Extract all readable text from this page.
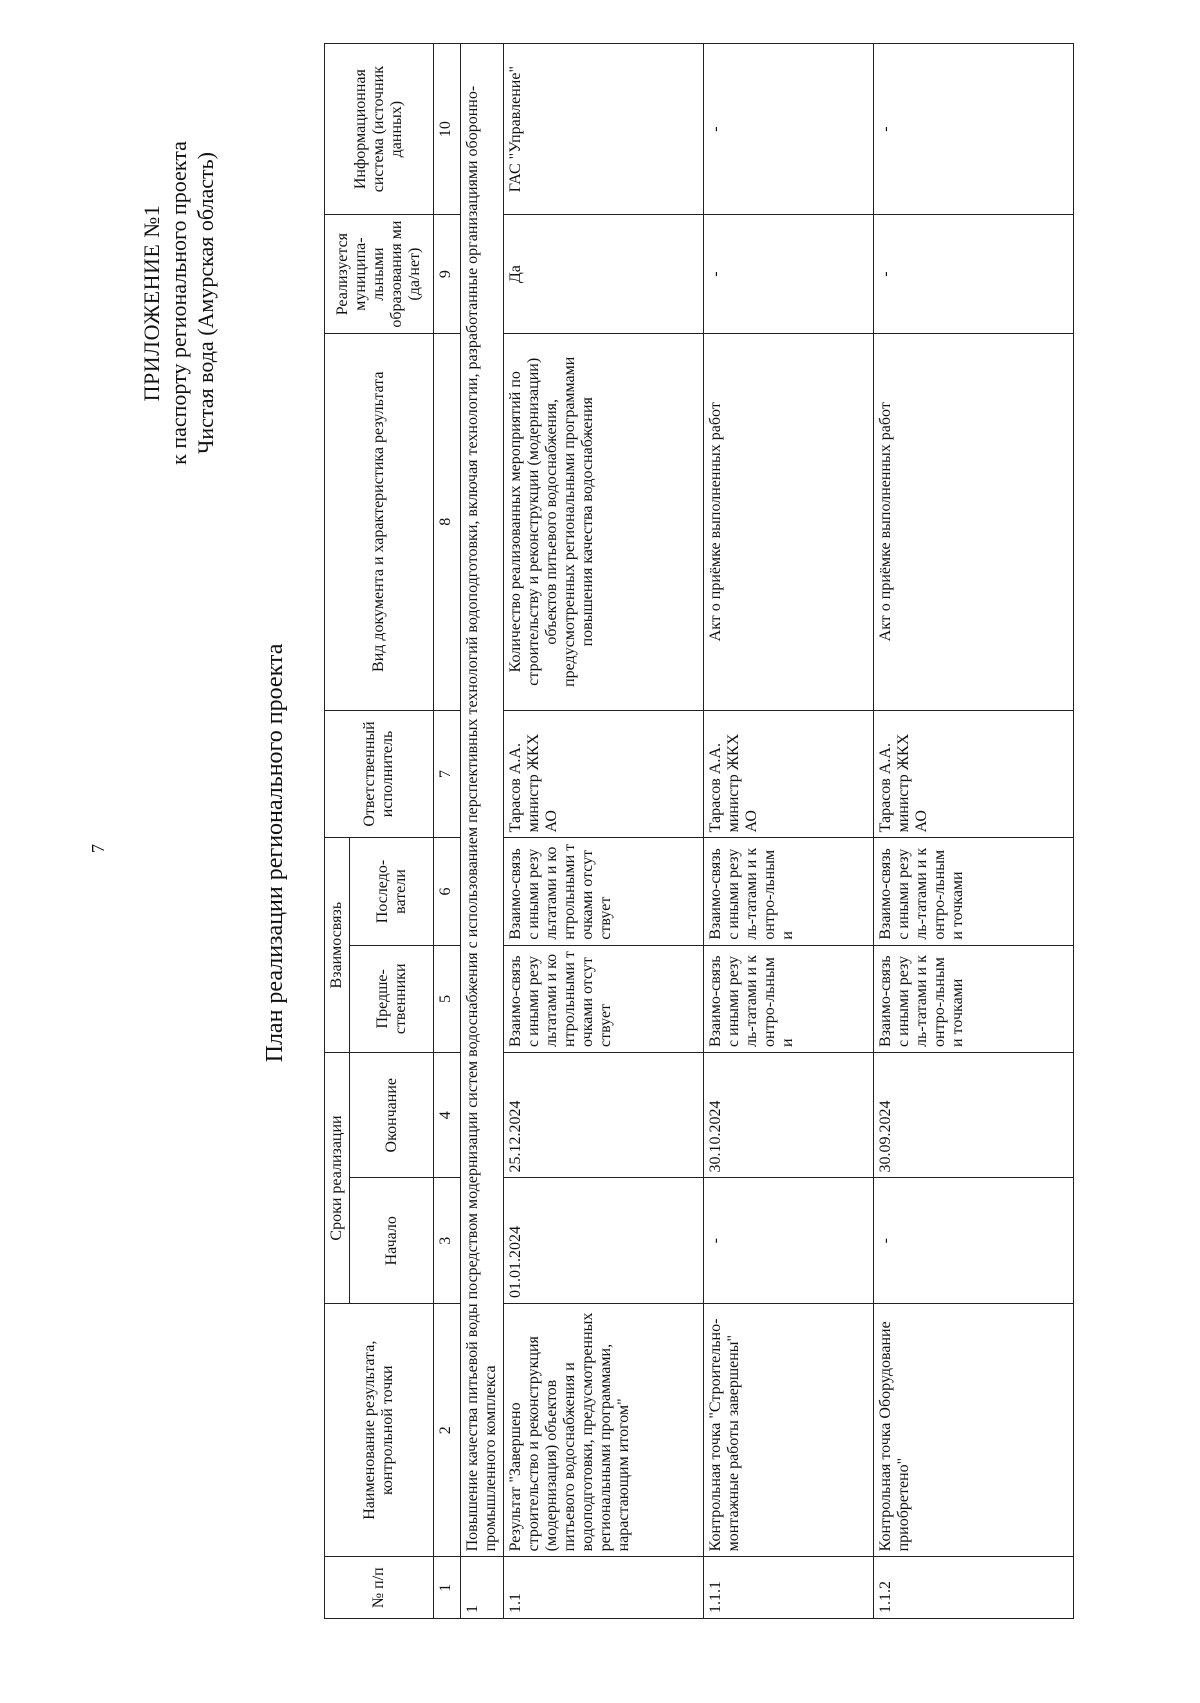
7
ПРИЛОЖЕНИЕ №1 к паспорту регионального проекта Чистая вода (Амурская область)
План реализации регионального проекта
№ п/п	Наименование результата, контрольной точки	Сроки реализации		Взаимосвязь		Ответственный исполнитель	Вид документа и характеристика результата	Реализуется муниципа-льными образования ми (да/нет)	Информационная система (источник данных)
		Начало	Окончание	Предше-ственники	Последо-ватели				
1	2	3	4	5	6	7	8	9	10
1	Повышение качества питьевой воды посредством модернизации систем водоснабжения с использованием перспективных технологий водоподготовки, включая технологии, разработанные организациями оборонно-промышленного комплекса								
1.1	Результат "Завершено строительство и реконструкция (модернизация) объектов питьевого водоснабжения и водоподготовки, предусмотренных региональными программами, нарастающим итогом"	01.01.2024	25.12.2024	Взаимо-связь с иными результатами и контрольными точками отсутствует	Взаимо-связь с иными результатами и контрольными точками отсутствует	Тарасов А.А. министр ЖКХ АО	Количество реализованных мероприятий по строительству и реконструкции (модернизации) объектов питьевого водоснабжения, предусмотренных региональными программами повышения качества водоснабжения	Да	ГАС "Управление"
1.1.1	Контрольная точка "Строительно-монтажные работы завершены"	-	30.10.2024	Взаимо-связь с иными резуль-татами и контро-льными	Взаимо-связь с иными резуль-татами и контро-льными	Тарасов А.А. министр ЖКХ АО	Акт о приёмке выполненных работ	-	-
1.1.2	Контрольная точка Оборудование приобретено"	-	30.09.2024	Взаимо-связь с иными резуль-татами и контро-льными точками	Взаимо-связь с иными резуль-татами и контро-льными точками	Тарасов А.А. министр ЖКХ АО	Акт о приёмке выполненных работ	-	-
